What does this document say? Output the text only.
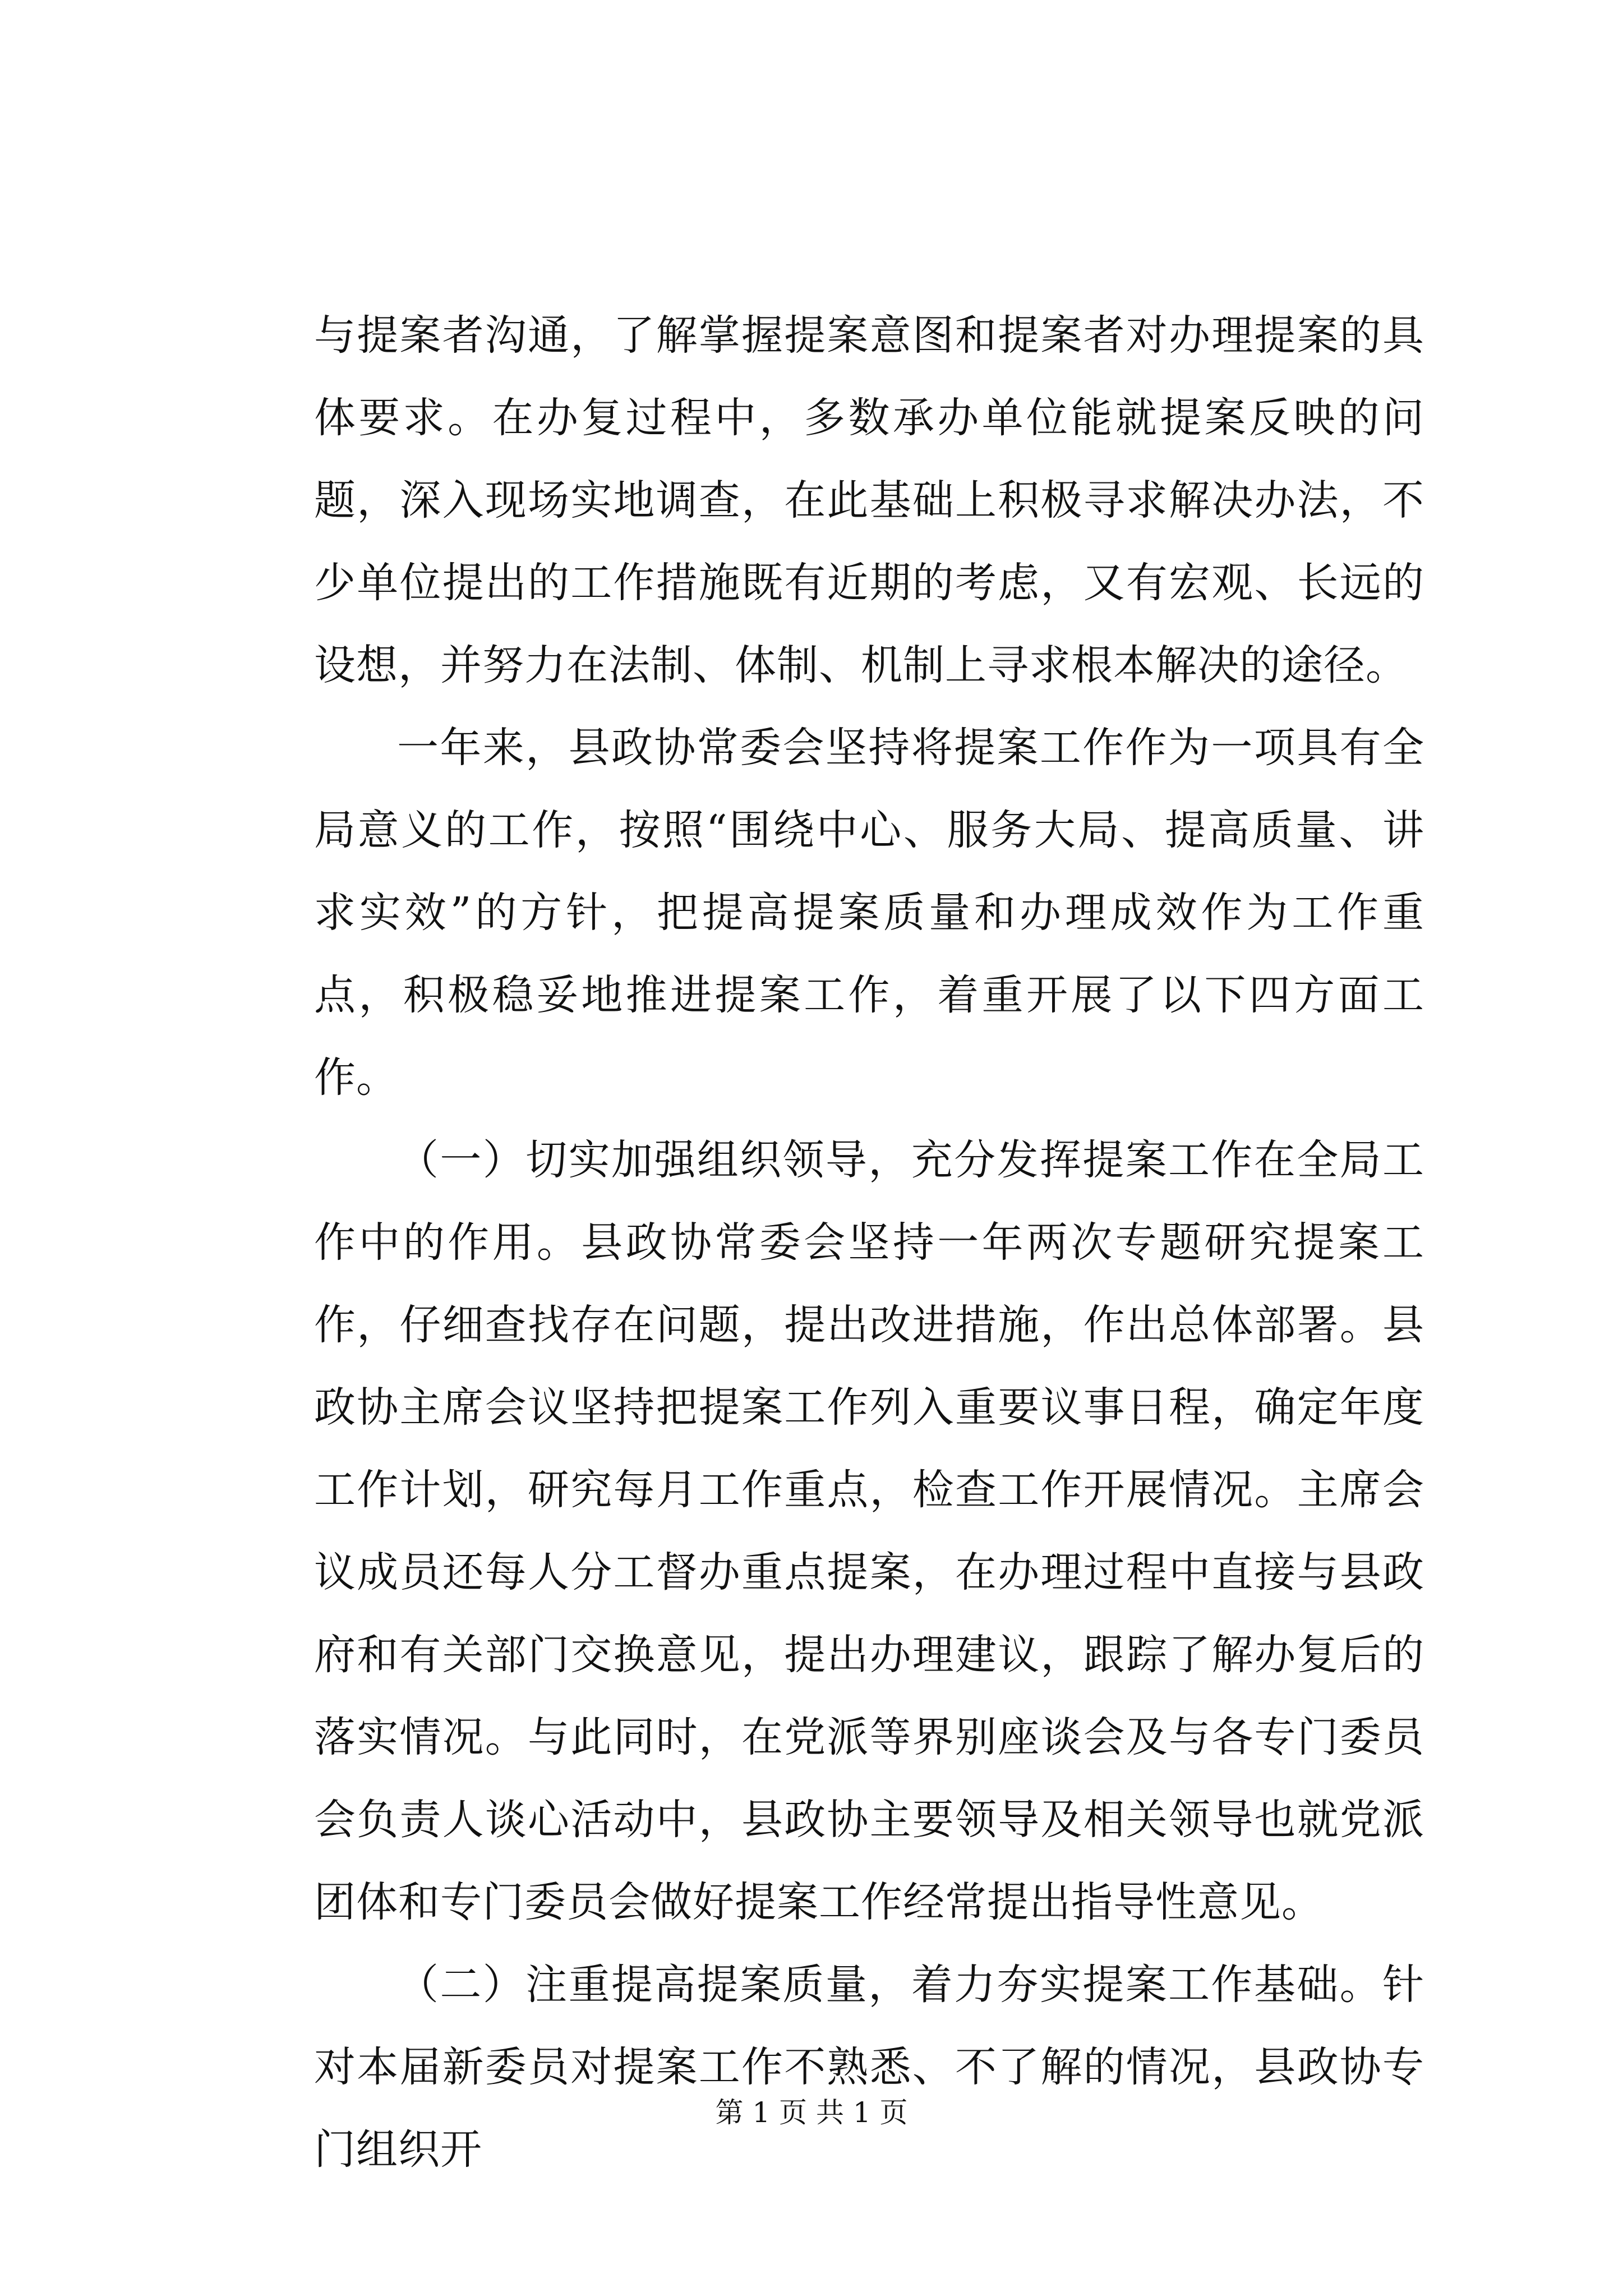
与提案者沟通，了解掌握提案意图和提案者对办理提案的具体要求。在办复过程中，多数承办单位能就提案反映的问题，深入现场实地调查，在此基础上积极寻求解决办法，不少单位提出的工作措施既有近期的考虑，又有宏观、长远的设想，并努力在法制、体制、机制上寻求根本解决的途径。

一年来，县政协常委会坚持将提案工作作为一项具有全局意义的工作，按照“围绕中心、服务大局、提高质量、讲求实效”的方针，把提高提案质量和办理成效作为工作重点，积极稳妥地推进提案工作，着重开展了以下四方面工作。

（一）切实加强组织领导，充分发挥提案工作在全局工作中的作用。县政协常委会坚持一年两次专题研究提案工作，仔细查找存在问题，提出改进措施，作出总体部署。县政协主席会议坚持把提案工作列入重要议事日程，确定年度工作计划，研究每月工作重点，检查工作开展情况。主席会议成员还每人分工督办重点提案，在办理过程中直接与县政府和有关部门交换意见，提出办理建议，跟踪了解办复后的落实情况。与此同时，在党派等界别座谈会及与各专门委员会负责人谈心活动中，县政协主要领导及相关领导也就党派团体和专门委员会做好提案工作经常提出指导性意见。

（二）注重提高提案质量，着力夯实提案工作基础。针对本届新委员对提案工作不熟悉、不了解的情况，县政协专门组织开

第 1 页 共 1 页
